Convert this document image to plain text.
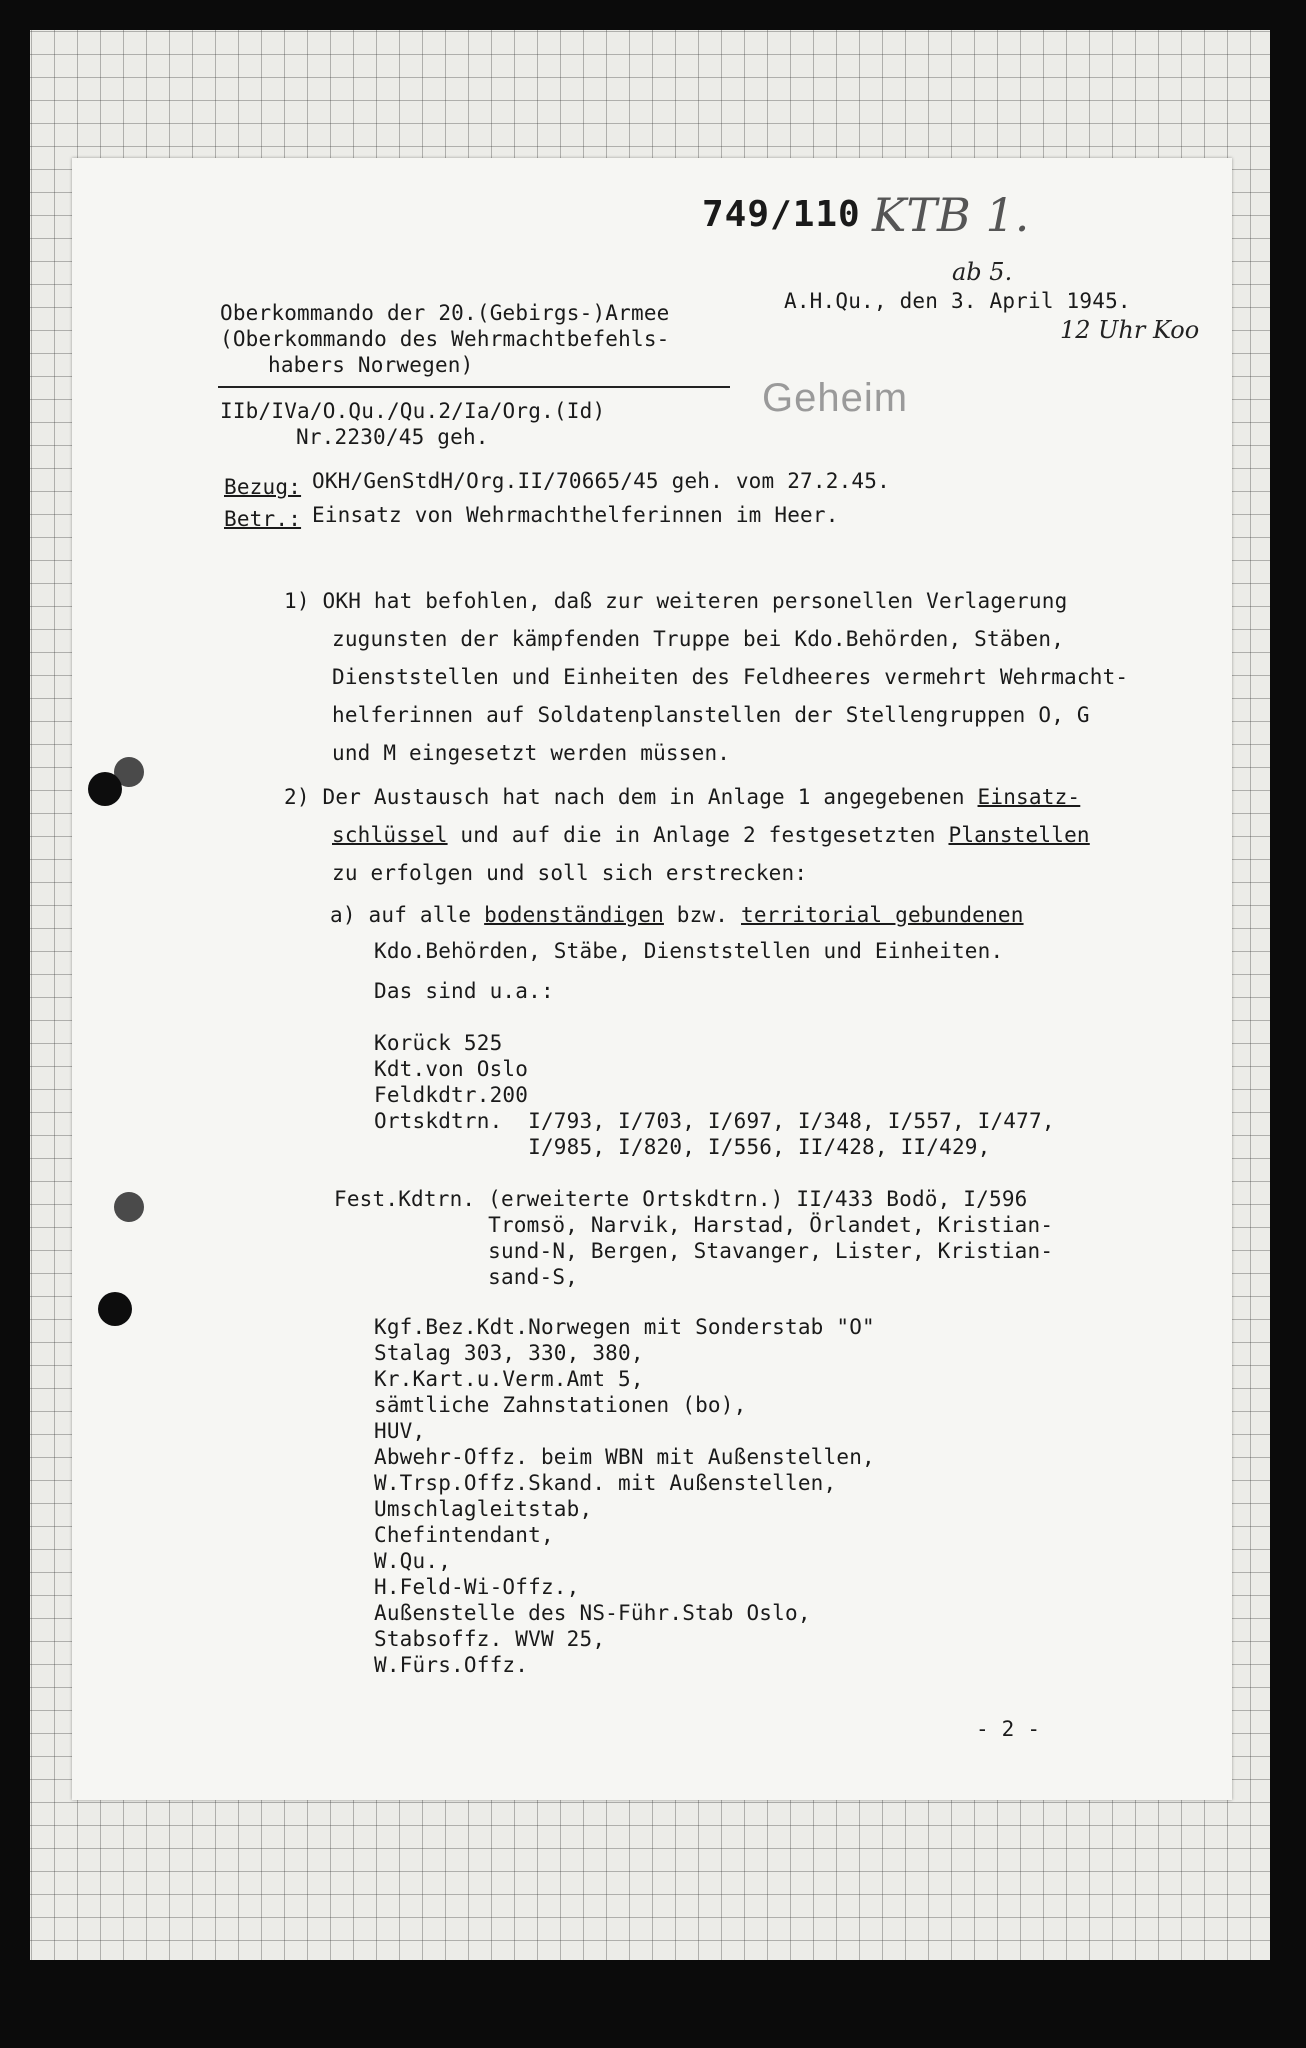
749/110 KTB 1.
ab 5.
12 Uhr Koo
Oberkommando der 20.(Gebirgs-)Armee
(Oberkommando des Wehrmachtbefehls-
habers Norwegen)
A.H.Qu., den 3. April 1945.
IIb/IVa/O.Qu./Qu.2/Ia/Org.(Id)
Nr.2230/45 geh.
Geheim
Bezug: OKH/GenStdH/Org.II/70665/45 geh. vom 27.2.45.
Betr.: Einsatz von Wehrmachthelferinnen im Heer.
1) OKH hat befohlen, daß zur weiteren personellen Verlagerung
zugunsten der kämpfenden Truppe bei Kdo.Behörden, Stäben,
Dienststellen und Einheiten des Feldheeres vermehrt Wehrmacht-
helferinnen auf Soldatenplanstellen der Stellengruppen O, G
und M eingesetzt werden müssen.
2) Der Austausch hat nach dem in Anlage 1 angegebenen Einsatz-
schlüssel und auf die in Anlage 2 festgesetzten Planstellen
zu erfolgen und soll sich erstrecken:
a) auf alle bodenständigen bzw. territorial gebundenen
Kdo.Behörden, Stäbe, Dienststellen und Einheiten.
Das sind u.a.:
Korück 525
Kdt.von Oslo
Feldkdtr.200
Ortskdtrn.  I/793, I/703, I/697, I/348, I/557, I/477,
I/985, I/820, I/556, II/428, II/429,
Fest.Kdtrn. (erweiterte Ortskdtrn.) II/433 Bodö, I/596
Tromsö, Narvik, Harstad, Örlandet, Kristian-
sund-N, Bergen, Stavanger, Lister, Kristian-
sand-S,
Kgf.Bez.Kdt.Norwegen mit Sonderstab "O"
Stalag 303, 330, 380,
Kr.Kart.u.Verm.Amt 5,
sämtliche Zahnstationen (bo),
HUV,
Abwehr-Offz. beim WBN mit Außenstellen,
W.Trsp.Offz.Skand. mit Außenstellen,
Umschlagleitstab,
Chefintendant,
W.Qu.,
H.Feld-Wi-Offz.,
Außenstelle des NS-Führ.Stab Oslo,
Stabsoffz. WVW 25,
W.Fürs.Offz.
- 2 -
